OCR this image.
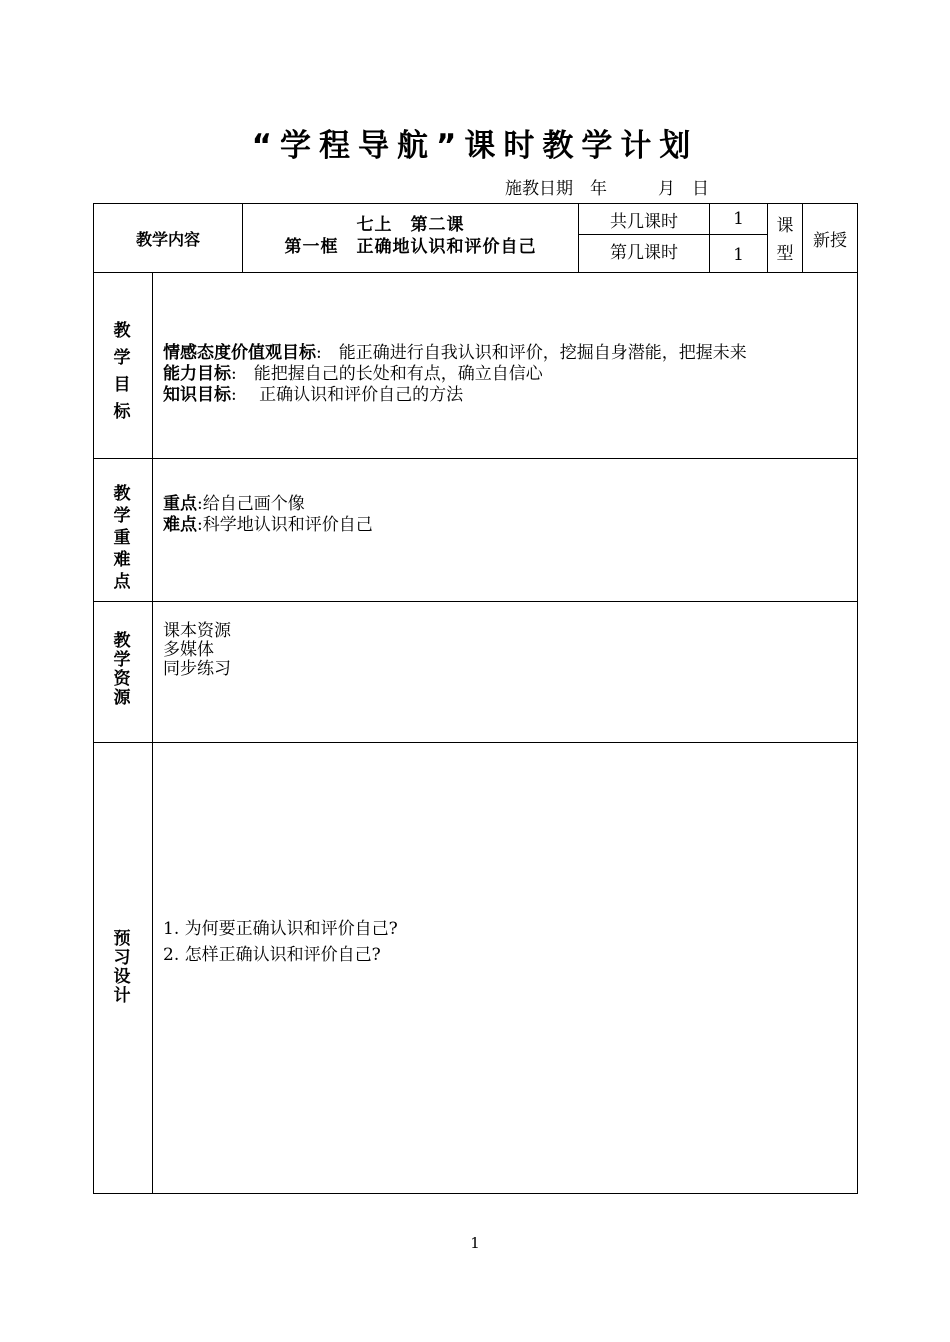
“学程导航”课时教学计划
施教日期　年　　　月　日
教学内容
七上　第二课
第一框　正确地认识和评价自己
共几课时	1
第几课时	1
课
型
新授
教
学
目
标
情感态度价值观目标:　能正确进行自我认识和评价，挖掘自身潜能，把握未来
能力目标:　能把握自己的长处和有点，确立自信心
知识目标:　 正确认识和评价自己的方法
教
学
重
难
点
重点:给自己画个像
难点:科学地认识和评价自己
教
学
资
源
课本资源
多媒体
同步练习
预
习
设
计
1. 为何要正确认识和评价自己?
2. 怎样正确认识和评价自己?
1
